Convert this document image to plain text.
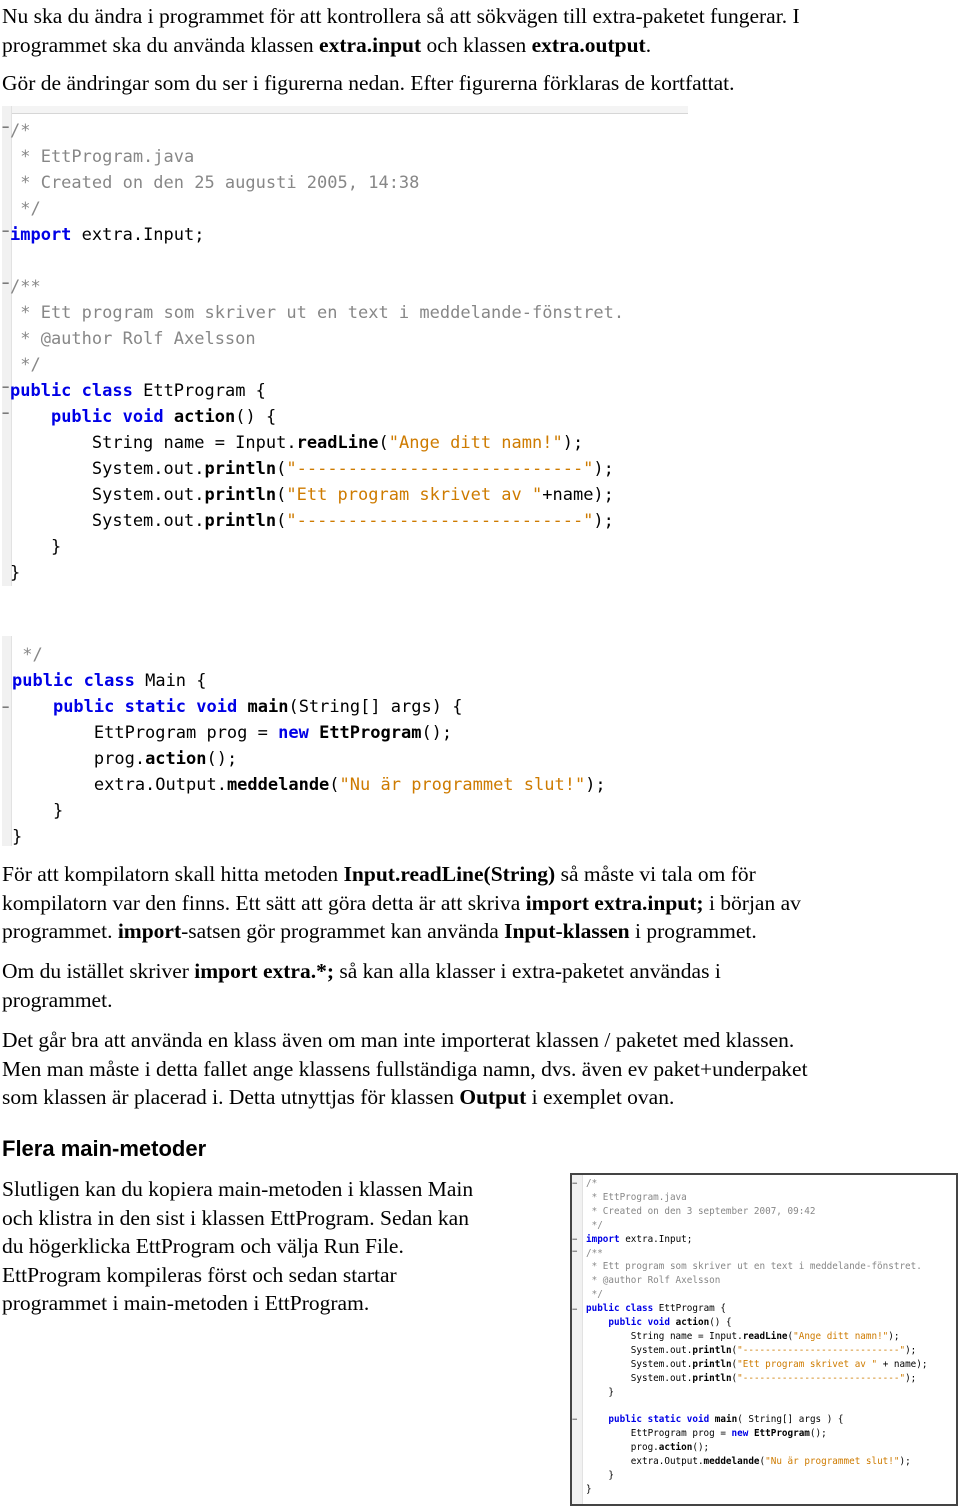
Nu ska du ändra i programmet för att kontrollera så att sökvägen till extra-paketet fungerar. I
programmet ska du använda klassen extra.input och klassen extra.output.
Gör de ändringar som du ser i figurerna nedan. Efter figurerna förklaras de kortfattat.
/*
* EttProgram.java
* Created on den 25 augusti 2005, 14:38
*/
import extra.Input;
/**
* Ett program som skriver ut en text i meddelande-fönstret.
* @author Rolf Axelsson
*/
public class EttProgram {
public void action() {
String name = Input.readLine("Ange ditt namn!");
System.out.println("----------------------------");
System.out.println("Ett program skrivet av "+name);
System.out.println("----------------------------");
}
}
−
−
−
−
−
*/
public class Main {
public static void main(String[] args) {
EttProgram prog = new EttProgram();
prog.action();
extra.Output.meddelande("Nu är programmet slut!");
}
}
−
För att kompilatorn skall hitta metoden Input.readLine(String) så måste vi tala om för
kompilatorn var den finns. Ett sätt att göra detta är att skriva import extra.input; i början av
programmet. import-satsen gör programmet kan använda Input-klassen i programmet.
Om du istället skriver import extra.*; så kan alla klasser i extra-paketet användas i
programmet.
Det går bra att använda en klass även om man inte importerat klassen / paketet med klassen.
Men man måste i detta fallet ange klassens fullständiga namn, dvs. även ev paket+underpaket
som klassen är placerad i. Detta utnyttjas för klassen Output i exemplet ovan.
Flera main-metoder
Slutligen kan du kopiera main-metoden i klassen Main
och klistra in den sist i klassen EttProgram. Sedan kan
du högerklicka EttProgram och välja Run File.
EttProgram kompileras först och sedan startar
programmet i main-metoden i EttProgram.
/*
* EttProgram.java
* Created on den 3 september 2007, 09:42
*/
import extra.Input;
/**
* Ett program som skriver ut en text i meddelande-fönstret.
* @author Rolf Axelsson
*/
public class EttProgram {
public void action() {
String name = Input.readLine("Ange ditt namn!");
System.out.println("----------------------------");
System.out.println("Ett program skrivet av " + name);
System.out.println("----------------------------");
}
public static void main( String[] args ) {
EttProgram prog = new EttProgram();
prog.action();
extra.Output.meddelande("Nu är programmet slut!");
}
}
−
−
−
−
−
